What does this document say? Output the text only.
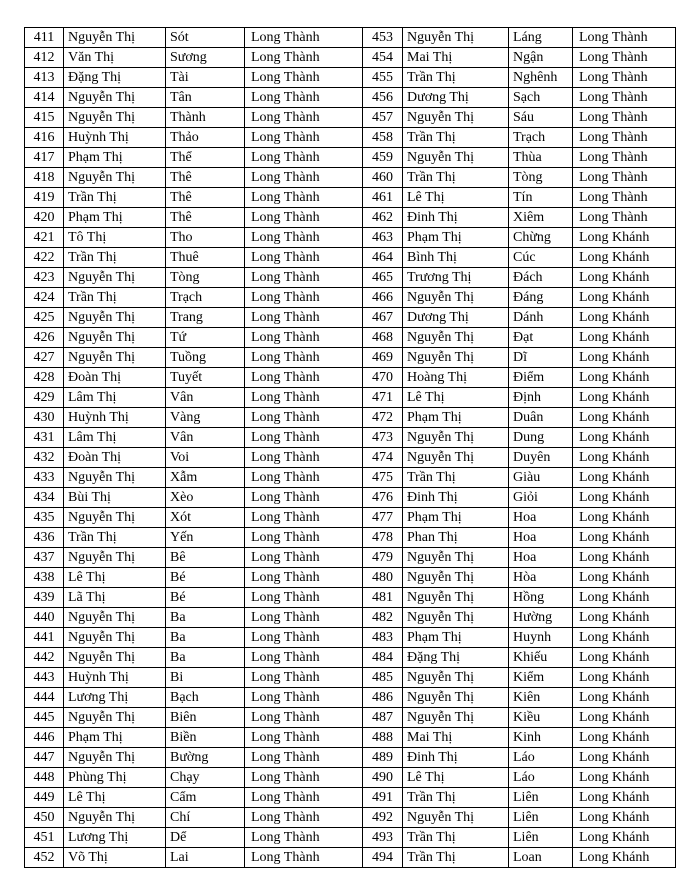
411	Nguyễn Thị	Sót	Long Thành	453	Nguyễn Thị	Láng	Long Thành
412	Văn Thị	Sương	Long Thành	454	Mai Thị	Ngận	Long Thành
413	Đặng Thị	Tài	Long Thành	455	Trần Thị	Nghênh	Long Thành
414	Nguyễn Thị	Tân	Long Thành	456	Dương Thị	Sạch	Long Thành
415	Nguyễn Thị	Thành	Long Thành	457	Nguyễn Thị	Sáu	Long Thành
416	Huỳnh Thị	Thảo	Long Thành	458	Trần Thị	Trạch	Long Thành
417	Phạm Thị	Thể	Long Thành	459	Nguyễn Thị	Thùa	Long Thành
418	Nguyễn Thị	Thê	Long Thành	460	Trần Thị	Tòng	Long Thành
419	Trần Thị	Thê	Long Thành	461	Lê Thị	Tín	Long Thành
420	Phạm Thị	Thê	Long Thành	462	Đinh Thị	Xiêm	Long Thành
421	Tô Thị	Tho	Long Thành	463	Phạm Thị	Chừng	Long Khánh
422	Trần Thị	Thuê	Long Thành	464	Bình Thị	Cúc	Long Khánh
423	Nguyễn Thị	Tòng	Long Thành	465	Trương Thị	Đách	Long Khánh
424	Trần Thị	Trạch	Long Thành	466	Nguyễn Thị	Đáng	Long Khánh
425	Nguyễn Thị	Trang	Long Thành	467	Dương Thị	Dánh	Long Khánh
426	Nguyễn Thị	Tứ	Long Thành	468	Nguyễn Thị	Đạt	Long Khánh
427	Nguyễn Thị	Tuồng	Long Thành	469	Nguyễn Thị	Dĩ	Long Khánh
428	Đoàn Thị	Tuyết	Long Thành	470	Hoàng Thị	Điểm	Long Khánh
429	Lâm Thị	Vân	Long Thành	471	Lê Thị	Định	Long Khánh
430	Huỳnh Thị	Vàng	Long Thành	472	Phạm Thị	Duân	Long Khánh
431	Lâm Thị	Vân	Long Thành	473	Nguyễn Thị	Dung	Long Khánh
432	Đoàn Thị	Voi	Long Thành	474	Nguyễn Thị	Duyên	Long Khánh
433	Nguyễn Thị	Xẫm	Long Thành	475	Trần Thị	Giàu	Long Khánh
434	Bùi Thị	Xèo	Long Thành	476	Đinh Thị	Giỏi	Long Khánh
435	Nguyễn Thị	Xót	Long Thành	477	Phạm Thị	Hoa	Long Khánh
436	Trần Thị	Yến	Long Thành	478	Phan Thị	Hoa	Long Khánh
437	Nguyễn Thị	Bê	Long Thành	479	Nguyễn Thị	Hoa	Long Khánh
438	Lê Thị	Bé	Long Thành	480	Nguyễn Thị	Hòa	Long Khánh
439	Lã Thị	Bé	Long Thành	481	Nguyễn Thị	Hồng	Long Khánh
440	Nguyễn Thị	Ba	Long Thành	482	Nguyễn Thị	Hường	Long Khánh
441	Nguyễn Thị	Ba	Long Thành	483	Phạm Thị	Huynh	Long Khánh
442	Nguyễn Thị	Ba	Long Thành	484	Đặng Thị	Khiếu	Long Khánh
443	Huỳnh Thị	Bi	Long Thành	485	Nguyễn Thị	Kiểm	Long Khánh
444	Lương Thị	Bạch	Long Thành	486	Nguyễn Thị	Kiên	Long Khánh
445	Nguyễn Thị	Biên	Long Thành	487	Nguyễn Thị	Kiều	Long Khánh
446	Phạm Thị	Biền	Long Thành	488	Mai Thị	Kinh	Long Khánh
447	Nguyễn Thị	Bường	Long Thành	489	Đinh Thị	Láo	Long Khánh
448	Phùng Thị	Chạy	Long Thành	490	Lê Thị	Láo	Long Khánh
449	Lê Thị	Cẩm	Long Thành	491	Trần Thị	Liên	Long Khánh
450	Nguyễn Thị	Chí	Long Thành	492	Nguyễn Thị	Liên	Long Khánh
451	Lương Thị	Dể	Long Thành	493	Trần Thị	Liên	Long Khánh
452	Võ Thị	Lai	Long Thành	494	Trần Thị	Loan	Long Khánh
